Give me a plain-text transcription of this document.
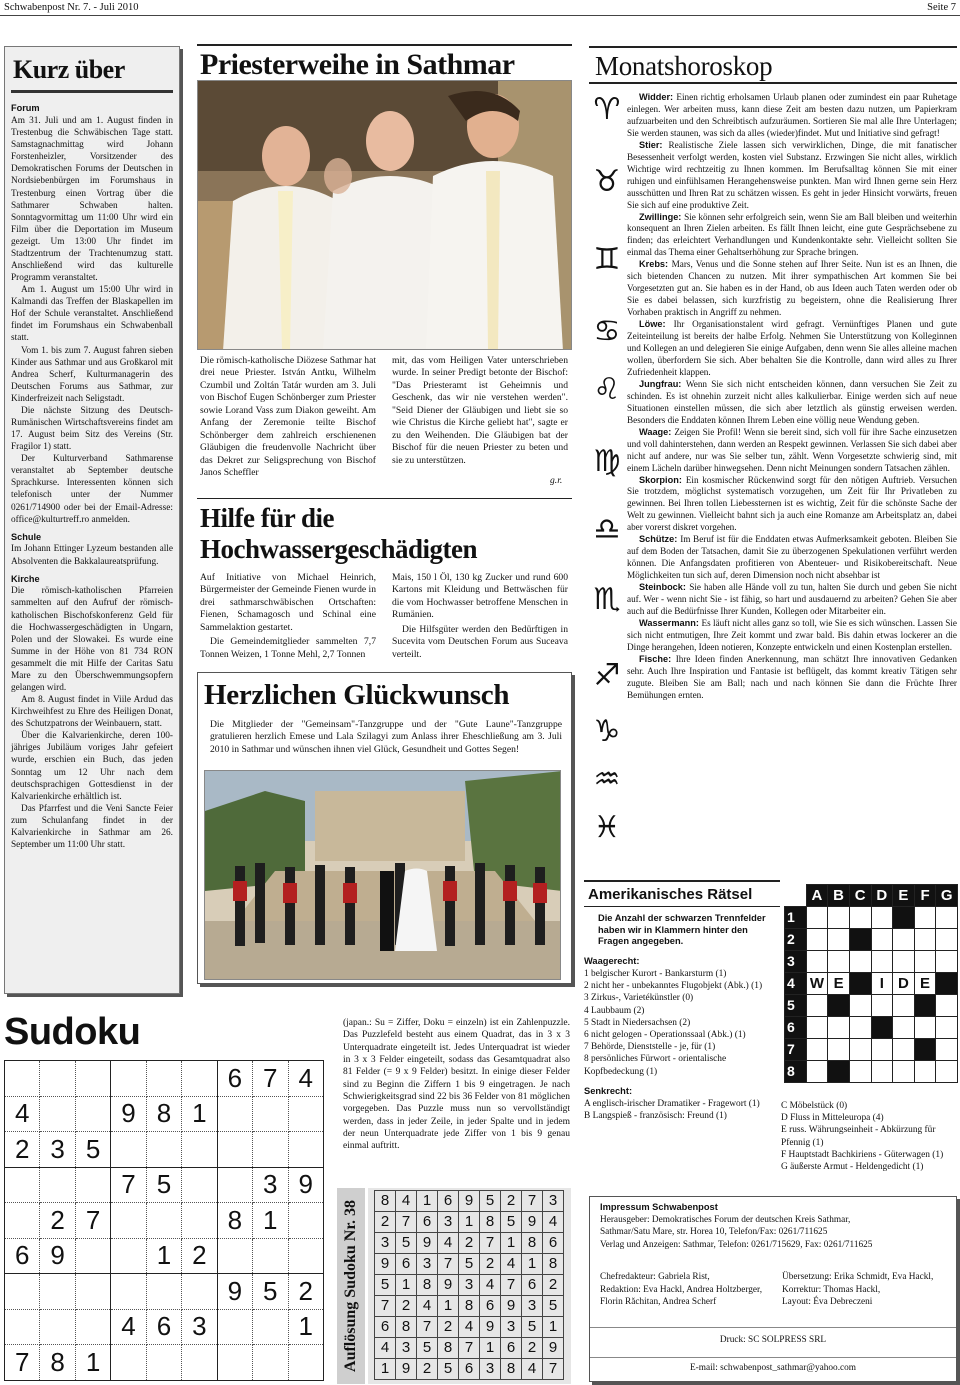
Schwabenpost Nr. 7. - Juli 2010	Seite 7
Kurz über
Forum

Am 31. Juli und am 1. August finden in Trestenbug die Schwäbischen Tage statt. Samstagnachmittag wird Johann Forstenheizler, Vorsitzender des Demokratischen Forums der Deutschen in Nordsiebenbürgen im Forumshaus in Trestenburg einen Vortrag über die Sathmarer Schwaben halten. Sonntagvormittag um 11:00 Uhr wird ein Film über die Deportation im Museum gezeigt. Um 13:00 Uhr findet im Stadtzentrum der Trachtenumzug statt. Anschließend wird das kulturelle Programm veranstaltet.

Am 1. August um 15:00 Uhr wird in Kalmandi das Treffen der Blaskapellen im Hof der Schule veranstaltet. Anschließend findet im Forumshaus ein Schwabenball statt.

Vom 1. bis zum 7. August fahren sieben Kinder aus Sathmar und aus Großkarol mit Andrea Scherf, Kulturmanagerin des Deutschen Forums aus Sathmar, zur Kinderfreizeit nach Seligstadt.

Die nächste Sitzung des Deutsch-Rumänischen Wirtschaftsvereins findet am 17. August beim Sitz des Vereins (Str. Fragilor 1) statt.

Der Kulturverband Sathmarense veranstaltet ab September deutsche Sprachkurse. Interessenten können sich telefonisch unter der Nummer 0261/714900 oder bei der Email-Adresse: office@kulturtreff.ro anmelden.

Schule

Im Johann Ettinger Lyzeum bestanden alle Absolventen die Bakkalaureatsprüfung.

Kirche

Die römisch-katholischen Pfarreien sammelten auf den Aufruf der römisch-katholischen Bischofskonferenz Geld für die Hochwassergeschädigten in Ungarn, Polen und der Slowakei. Es wurde eine Summe in der Höhe von 81 734 RON gesammelt die mit Hilfe der Caritas Satu Mare zu den Überschwemmungsopfern gelangen wird.

Am 8. August findet in Viile Ardud das Kirchweihfest zu Ehre des Heiligen Donat, des Schutzpatrons der Weinbauern, statt.

Über die Kalvarienkirche, deren 100-jähriges Jubiläum voriges Jahr gefeiert wurde, erschien ein Buch, das jeden Sonntag um 12 Uhr nach dem deutschsprachigen Gottesdienst in der Kalvarienkirche erhältlich ist.

Das Pfarrfest und die Veni Sancte Feier zum Schulanfang findet in der Kalvarienkirche in Sathmar am 26. September um 11:00 Uhr statt.

Priesterweihe in Sathmar
Die römisch-katholische Diözese Sathmar hat drei neue Priester. István Antku, Wilhelm Czumbil und Zoltán Tatár wurden am 3. Juli von Bischof Eugen Schönberger zum Priester sowie Lorand Vass zum Diakon geweiht. Am Anfang der Zeremonie teilte Bischof Schönberger dem zahlreich erschienenen Gläubigen die freudenvolle Nachricht über das Dekret zur Seligsprechung von Bischof Janos Scheffler
mit, das vom Heiligen Vater unterschrieben wurde. In seiner Predigt betonte der Bischof: "Das Priesteramt ist Geheimnis und Geschenk, das wir nie verstehen werden". "Seid Diener der Gläubigen und liebt sie so wie Christus die Kirche geliebt hat", sagte er zu den Weihenden. Die Gläubigen bat der Bischof für die neuen Priester zu beten und sie zu unterstützen.
g.r.
Hilfe für die
Hochwassergeschädigten

Auf Initiative von Michael Heinrich, Bürgermeister der Gemeinde Fienen wurde in drei sathmarschwäbischen Ortschaften: Fienen, Schamagosch und Schinal eine Sammelaktion gestartet.

Die Gemeindemitglieder sammelten 7,7 Tonnen Weizen, 1 Tonne Mehl, 2,7 Tonnen

Mais, 150 l Öl, 130 kg Zucker und rund 600 Kartons mit Kleidung und Bettwäschen für die vom Hochwasser betroffene Menschen in Rumänien.

Die Hilfsgüter werden den Bedürftigen in Sucevita vom Deutschen Forum aus Suceava verteilt.

Herzlichen Glückwunsch

Die Mitglieder der "Gemeinsam"-Tanzgruppe und der "Gute Laune"-Tanzgruppe gratulieren herzlich Emese und Lala Szilagyi zum Anlass ihrer Eheschließung am 3. Juli 2010 in Sathmar und wünschen ihnen viel Glück, Gesundheit und Gottes Segen!

Monatshoroskop
♈
♉
♊
♋
♌
♍
♎
♏
♐
♑
♒
♓

Widder: Einen richtig erholsamen Urlaub planen oder zumindest ein paar Ruhetage einlegen. Wer arbeiten muss, kann diese Zeit am besten dazu nutzen, um Papierkram aufzuarbeiten und den Schreibtisch aufzuräumen. Sortieren Sie mal alle Ihre Unterlagen; Sie werden staunen, was sich da alles (wieder)findet. Mut und Initiative sind gefragt!

Stier: Realistische Ziele lassen sich verwirklichen, Dinge, die mit fanatischer Besessenheit verfolgt werden, kosten viel Substanz. Erzwingen Sie nicht alles, wirklich Wichtige wird rechtzeitig zu Ihnen kommen. Im Berufsalltag können Sie mit einer ruhigen und einfühlsamen Herangehensweise punkten. Man wird Ihnen gerne sein Herz ausschütten und Ihren Rat zu schätzen wissen. Es geht in jeder Hinsicht vorwärts, freuen Sie sich auf eine produktive Zeit.

Zwillinge: Sie können sehr erfolgreich sein, wenn Sie am Ball bleiben und weiterhin konsequent an Ihren Zielen arbeiten. Es fällt Ihnen leicht, eine gute Gesprächsebene zu finden; das erleichtert Verhandlungen und Kundenkontakte sehr. Vielleicht sollten Sie einmal das Thema einer Gehaltserhöhung zur Sprache bringen.

Krebs: Mars, Venus und die Sonne stehen auf Ihrer Seite. Nun ist es an Ihnen, die sich bietenden Chancen zu nutzen. Mit ihrer sympathischen Art kommen Sie bei Vorgesetzten gut an. Sie haben es in der Hand, ob aus Ideen auch Taten werden oder ob Sie es dabei belassen, sich kurzfristig zu begeistern, ohne die Realisierung Ihrer Vorhaben praktisch in Angriff zu nehmen.

Löwe: Ihr Organisationstalent wird gefragt. Vernünftiges Planen und gute Zeiteinteilung ist bereits der halbe Erfolg. Nehmen Sie Unterstützung von Kolleginnen und Kollegen an und delegieren Sie einige Aufgaben, denn wenn Sie alles alleine machen wollen, überfordern Sie sich. Aber behalten Sie die Kontrolle, dann wird alles zu Ihrer Zufriedenheit klappen.

Jungfrau: Wenn Sie sich nicht entscheiden können, dann versuchen Sie Zeit zu schinden. Es ist ohnehin zurzeit nicht alles kalkulierbar. Einige werden sich auf neue Situationen einstellen müssen, die sich aber letztlich als günstig erweisen werden. Besonders die Enddaten können Ihrem Leben eine völlig neue Wendung geben.

Waage: Zeigen Sie Profil! Wenn sie bereit sind, sich voll für ihre Sache einzusetzen und voll dahinterstehen, dann werden an Respekt gewinnen. Verlassen Sie sich dabei aber nicht auf andere, nur was Sie selber tun, zählt. Wenn Vorgesetzte schwierig sind, mit einem Lächeln darüber hinwegsehen. Denn nicht Meinungen sondern Tatsachen zählen.

Skorpion: Ein kosmischer Rückenwind sorgt für den nötigen Auftrieb. Versuchen Sie trotzdem, möglichst systematisch vorzugehen, um Zeit für Ihr Privatleben zu gewinnen. Bei Ihren tollen Liebessternen ist es wichtig, Zeit für die schönste Sache der Welt zu gewinnen. Vielleicht bahnt sich ja auch eine Romanze am Arbeitsplatz an, dabei aber vorerst diskret vorgehen.

Schütze: Im Beruf ist für die Enddaten etwas Aufmerksamkeit geboten. Bleiben Sie auf dem Boden der Tatsachen, damit Sie zu überzogenen Spekulationen verführt werden können. Die Anfangsdaten profitieren von Abenteuer- und Risikobereitschaft. Neue Möglichkeiten tun sich auf, deren Dimension noch nicht absehbar ist

Steinbock: Sie haben alle Hände voll zu tun, halten Sie durch und geben Sie nicht auf. Wer - wenn nicht Sie - ist fähig, so hart und ausdauernd zu arbeiten? Gehen Sie aber auch auf die Bedürfnisse Ihrer Kunden, Kollegen oder Mitarbeiter ein.

Wassermann: Es läuft nicht alles ganz so toll, wie Sie es sich wünschen. Lassen Sie sich nicht entmutigen, Ihre Zeit kommt und zwar bald. Bis dahin etwas lockerer an die Dinge herangehen, Ideen notieren, Konzepte entwickeln und einen Kostenplan erstellen.

Fische: Ihre Ideen finden Anerkennung, man schätzt Ihre innovativen Gedanken sehr. Auch Ihre Inspiration und Fantasie ist beflügelt, das kommt kreativ Tätigen sehr zugute. Bleiben Sie am Ball; nach und nach können Sie dann die Früchte Ihrer Bemühungen ernten.

Amerikanisches Rätsel
Die Anzahl der schwarzen Trennfelder haben wir in Klammern hinter den Fragen angegeben.
Waagerecht:
1 belgischer Kurort - Bankarsturm (1)
2 nicht her - unbekanntes Flugobjekt (Abk.) (1)
3 Zirkus-, Varietékünstler (0)
4 Laubbaum (2)
5 Stadt in Niedersachsen (2)
6 nicht gelogen - Operationssaal (Abk.) (1)
7 Behörde, Dienststelle - je, für (1)
8 persönliches Fürwort - orientalische Kopfbedeckung (1)
Senkrecht:
A englisch-irischer Dramatiker - Fragewort (1)
B Langspieß - französisch: Freund (1)
	A	B	C	D	E	F	G
1							
2							
3							
4	W	E		I	D	E	
5							
6							
7							
8							
C Möbelstück (0)
D Fluss in Mitteleuropa (4)
E russ. Währungseinheit - Abkürzung für Pfennig (1)
F Hauptstadt Bachkiriens - Güterwagen (1)
G äußerste Armut - Heldengedicht (1)
Sudoku
						6	7	4
4			9	8	1			
2	3	5						
			7	5			3	9
	2	7				8	1	
6	9			1	2			
						9	5	2
			4	6	3			1
7	8	1						
(japan.: Su = Ziffer, Doku = einzeln) ist ein Zahlenpuzzle. Das Puzzlefeld besteht aus einem Quadrat, das in 3 x 3 Unterquadrate eingeteilt ist. Jedes Unterquadrat ist wieder in 3 x 3 Felder eingeteilt, sodass das Gesamtquadrat also 81 Felder (= 9 x 9 Felder) besitzt. In einige dieser Felder sind zu Beginn die Ziffern 1 bis 9 eingetragen. Je nach Schwierigkeitsgrad sind 22 bis 36 Felder von 81 möglichen vorgegeben. Das Puzzle muss nun so vervollständigt werden, dass in jeder Zeile, in jeder Spalte und in jedem der neun Unterquadrate jede Ziffer von 1 bis 9 genau einmal auftritt.
Auflösung Sudoku Nr. 38 8	4	1	6	9	5	2	7	3
2	7	6	3	1	8	5	9	4
3	5	9	4	2	7	1	8	6
9	6	3	7	5	2	4	1	8
5	1	8	9	3	4	7	6	2
7	2	4	1	8	6	9	3	5
6	8	7	2	4	9	3	5	1
4	3	5	8	7	1	6	2	9
1	9	2	5	6	3	8	4	7
Impressum Schwabenpost
Herausgeber: Demokratisches Forum der deutschen Kreis Sathmar,
Sathmar/Satu Mare, str. Horea 10, Telefon/Fax: 0261/711625
Verlag und Anzeigen: Sathmar, Telefon: 0261/715629, Fax: 0261/711625
Chefredakteur: Gabriela Rist,
Redaktion: Eva Hackl, Andrea Holtzberger, Florin Răchitan, Andrea Scherf
Übersetzung: Erika Schmidt, Eva Hackl,
Korrektur: Thomas Hackl,
Layout: Éva Debreczeni
Druck: SC SOLPRESS SRL
E-mail: schwabenpost_sathmar@yahoo.com
